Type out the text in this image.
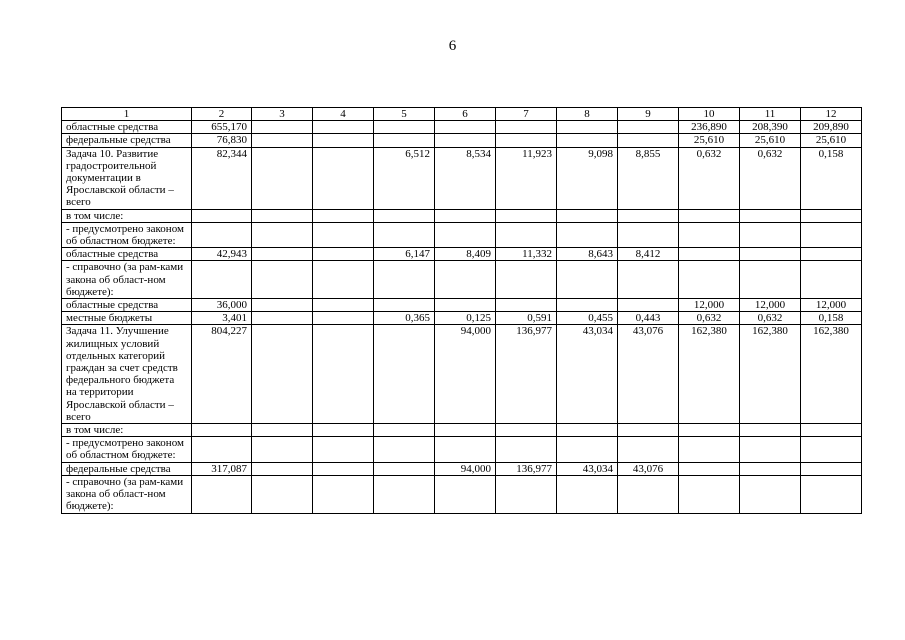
6
1	2	3	4	5	6	7	8	9	10	11	12
областные средства	655,170								236,890	208,390	209,890
федеральные средства	76,830								25,610	25,610	25,610
Задача 10. Развитие градостроительной документации в Ярославской области – всего	82,344			6,512	8,534	11,923	9,098	8,855	0,632	0,632	0,158
в том числе:											
- предусмотрено законом об областном бюджете:											
областные средства	42,943			6,147	8,409	11,332	8,643	8,412			
- справочно (за рам-ками закона об област-ном бюджете):											
областные средства	36,000								12,000	12,000	12,000
местные бюджеты	3,401			0,365	0,125	0,591	0,455	0,443	0,632	0,632	0,158
Задача 11. Улучшение жилищных условий отдельных категорий граждан за счет средств федерального бюджета на территории Ярославской области – всего	804,227				94,000	136,977	43,034	43,076	162,380	162,380	162,380
в том числе:											
- предусмотрено законом об областном бюджете:											
федеральные средства	317,087				94,000	136,977	43,034	43,076			
- справочно (за рам-ками закона об област-ном бюджете):											
